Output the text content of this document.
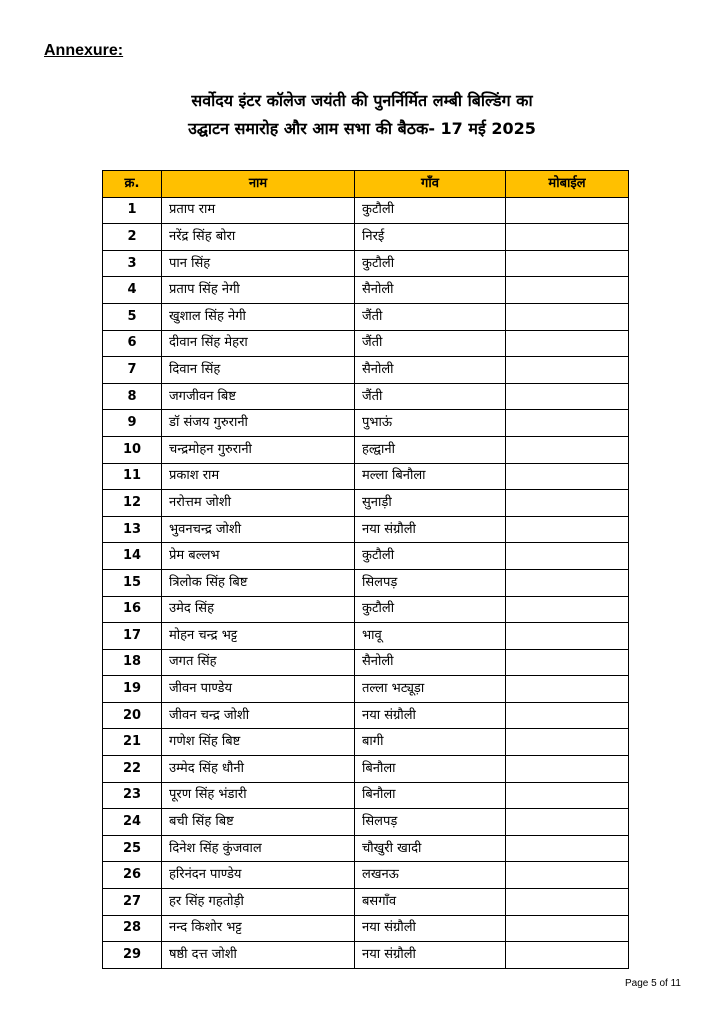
Annexure:
सर्वोदय इंटर कॉलेज जयंती की पुनर्निर्मित लम्बी बिल्डिंग का
उद्घाटन समारोह और आम सभा की बैठक- 17 मई 2025
क्र.	नाम	गाँव	मोबाईल
1	प्रताप राम	कुटौली	
2	नरेंद्र सिंह बोरा	निरई	
3	पान सिंह	कुटौली	
4	प्रताप सिंह नेगी	सैनोली	
5	खुशाल सिंह नेगी	जैंती	
6	दीवान सिंह मेहरा	जैंती	
7	दिवान सिंह	सैनोली	
8	जगजीवन बिष्ट	जैंती	
9	डॉ संजय गुरुरानी	पुभाऊं	
10	चन्द्रमोहन गुरुरानी	हल्द्वानी	
11	प्रकाश राम	मल्ला बिनौला	
12	नरोत्तम जोशी	सुनाड़ी	
13	भुवनचन्द्र जोशी	नया संग्रौली	
14	प्रेम बल्लभ	कुटौली	
15	त्रिलोक सिंह बिष्ट	सिलपड़	
16	उमेद सिंह	कुटौली	
17	मोहन चन्द्र भट्ट	भावू	
18	जगत सिंह	सैनोली	
19	जीवन पाण्डेय	तल्ला भट्यूड़ा	
20	जीवन चन्द्र जोशी	नया संग्रौली	
21	गणेश सिंह बिष्ट	बागी	
22	उम्मेद सिंह धौनी	बिनौला	
23	पूरण सिंह भंडारी	बिनौला	
24	बची सिंह बिष्ट	सिलपड़	
25	दिनेश सिंह कुंजवाल	चौखुरी खादी	
26	हरिनंदन पाण्डेय	लखनऊ	
27	हर सिंह गहतोड़ी	बसगाँव	
28	नन्द किशोर भट्ट	नया संग्रौली	
29	षष्ठी दत्त जोशी	नया संग्रौली	
Page 5 of 11
